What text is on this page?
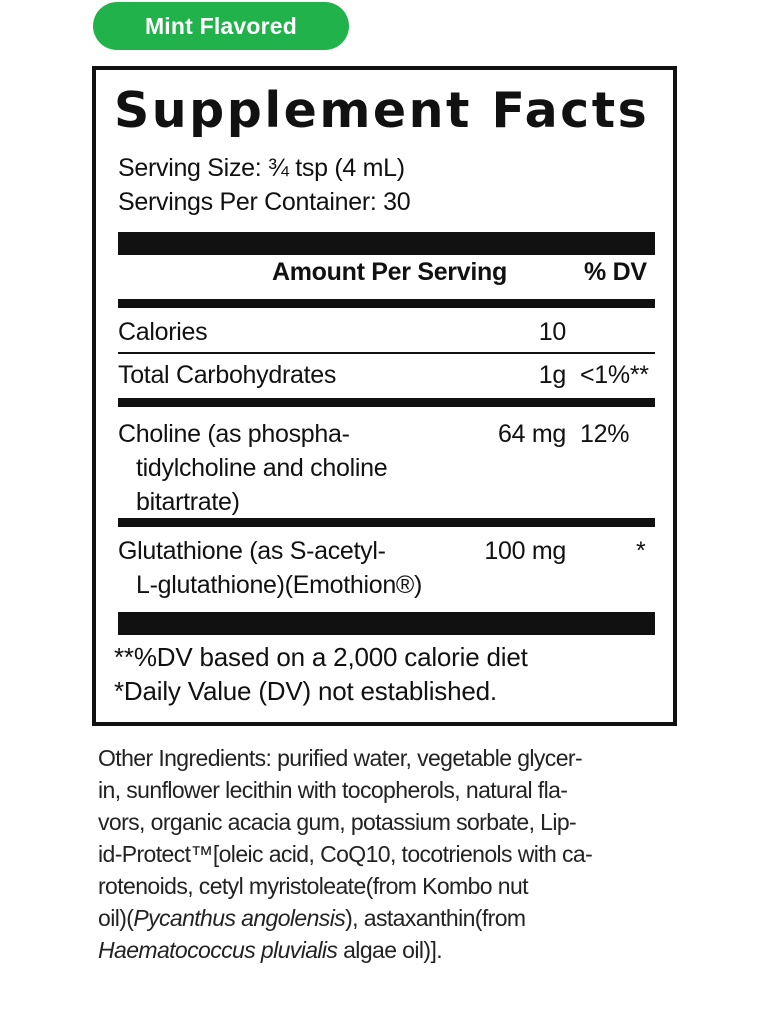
Mint Flavored
Supplement Facts
Serving Size: ¾ tsp (4 mL)
Servings Per Container: 30
Amount Per Serving	% DV
Calories	10
Total Carbohydrates	1g <1%**
Choline (as phospha-
tidylcholine and choline
bitartrate)
64 mg 12%
Glutathione (as S-acetyl-
L-glutathione)(Emothion®)
100 mg	*
**%DV based on a 2,000 calorie diet
*Daily Value (DV) not established.
Other Ingredients: purified water, vegetable glycer-
in, sunflower lecithin with tocopherols, natural fla-
vors, organic acacia gum, potassium sorbate, Lip-
id-Protect™[oleic acid, CoQ10, tocotrienols with ca-
rotenoids, cetyl myristoleate(from Kombo nut
oil)(Pycanthus angolensis), astaxanthin(from
Haematococcus pluvialis algae oil)].
